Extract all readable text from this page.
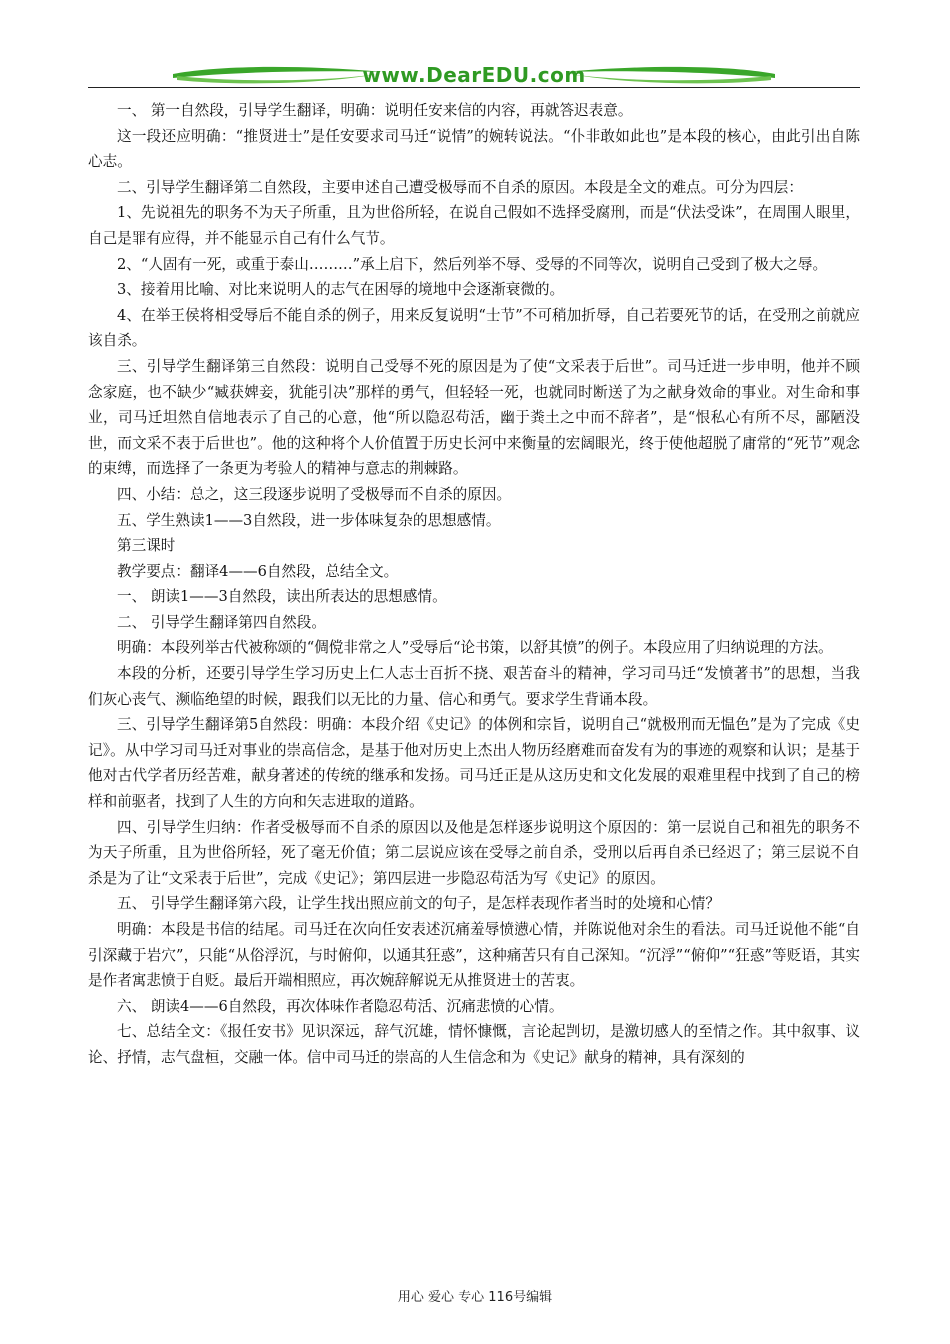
www.DearEDU.com

一、 第一自然段，引导学生翻译，明确：说明任安来信的内容，再就答迟表意。

这一段还应明确：“推贤进士”是任安要求司马迁“说情”的婉转说法。“仆非敢如此也”是本段的核心，由此引出自陈心志。

二、引导学生翻译第二自然段，主要申述自己遭受极辱而不自杀的原因。本段是全文的难点。可分为四层：

1、先说祖先的职务不为天子所重，且为世俗所轻，在说自己假如不选择受腐刑，而是“伏法受诛”，在周围人眼里，自己是罪有应得，并不能显示自己有什么气节。

2、“人固有一死，或重于泰山………”承上启下，然后列举不辱、受辱的不同等次，说明自己受到了极大之辱。

3、接着用比喻、对比来说明人的志气在困辱的境地中会逐渐衰微的。

4、在举王侯将相受辱后不能自杀的例子，用来反复说明“士节”不可稍加折辱，自己若要死节的话，在受刑之前就应该自杀。

三、引导学生翻译第三自然段：说明自己受辱不死的原因是为了使“文采表于后世”。司马迁进一步申明，他并不顾念家庭，也不缺少“臧获婢妾，犹能引决”那样的勇气，但轻轻一死，也就同时断送了为之献身效命的事业。对生命和事业，司马迁坦然自信地表示了自己的心意，他“所以隐忍苟活，幽于粪土之中而不辞者”，是“恨私心有所不尽，鄙陋没世，而文采不表于后世也”。他的这种将个人价值置于历史长河中来衡量的宏阔眼光，终于使他超脱了庸常的“死节”观念的束缚，而选择了一条更为考验人的精神与意志的荆棘路。

四、小结：总之，这三段逐步说明了受极辱而不自杀的原因。

五、学生熟读1——3自然段，进一步体味复杂的思想感情。

第三课时

教学要点：翻译4——6自然段，总结全文。

一、 朗读1——3自然段，读出所表达的思想感情。

二、 引导学生翻译第四自然段。

明确：本段列举古代被称颂的“倜傥非常之人”受辱后“论书策，以舒其愤”的例子。本段应用了归纳说理的方法。

本段的分析，还要引导学生学习历史上仁人志士百折不挠、艰苦奋斗的精神，学习司马迁“发愤著书”的思想，当我们灰心丧气、濒临绝望的时候，跟我们以无比的力量、信心和勇气。要求学生背诵本段。

三、引导学生翻译第5自然段：明确：本段介绍《史记》的体例和宗旨，说明自己“就极刑而无愠色”是为了完成《史记》。从中学习司马迁对事业的崇高信念，是基于他对历史上杰出人物历经磨难而奋发有为的事迹的观察和认识；是基于他对古代学者历经苦难，献身著述的传统的继承和发扬。司马迁正是从这历史和文化发展的艰难里程中找到了自己的榜样和前驱者，找到了人生的方向和矢志进取的道路。

四、引导学生归纳：作者受极辱而不自杀的原因以及他是怎样逐步说明这个原因的：第一层说自己和祖先的职务不为天子所重，且为世俗所轻，死了毫无价值；第二层说应该在受辱之前自杀，受刑以后再自杀已经迟了；第三层说不自杀是为了让“文采表于后世”，完成《史记》；第四层进一步隐忍苟活为写《史记》的原因。

五、 引导学生翻译第六段，让学生找出照应前文的句子，是怎样表现作者当时的处境和心情？

明确：本段是书信的结尾。司马迁在次向任安表述沉痛羞辱愤懑心情，并陈说他对余生的看法。司马迁说他不能“自引深藏于岩穴”，只能“从俗浮沉，与时俯仰，以通其狂惑”，这种痛苦只有自己深知。“沉浮”“俯仰”“狂惑”等贬语，其实是作者寓悲愤于自贬。最后开端相照应，再次婉辞解说无从推贤进士的苦衷。

六、 朗读4——6自然段，再次体味作者隐忍苟活、沉痛悲愤的心情。

七、总结全文：《报任安书》见识深远，辞气沉雄，情怀慷慨，言论起剀切，是激切感人的至情之作。其中叙事、议论、抒情，志气盘桓，交融一体。信中司马迁的崇高的人生信念和为《史记》献身的精神，具有深刻的

用心 爱心 专心 116号编辑
